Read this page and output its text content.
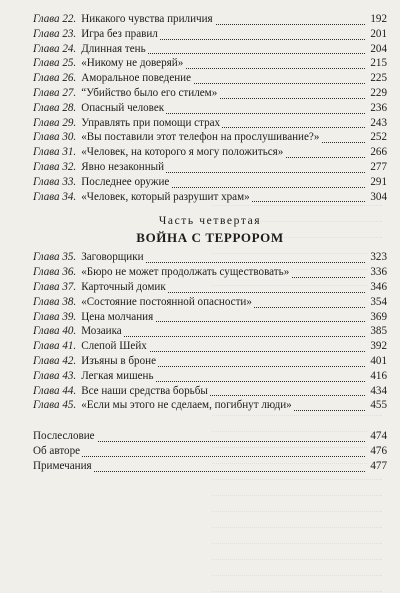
Глава 22. Никакого чувства приличия	192
Глава 23. Игра без правил	201
Глава 24. Длинная тень	204
Глава 25. «Никому не доверяй»	215
Глава 26. Аморальное поведение	225
Глава 27. “Убийство было его стилем»	229
Глава 28. Опасный человек	236
Глава 29. Управлять при помощи страх	243
Глава 30. «Вы поставили этот телефон на прослушивание?»	252
Глава 31. «Человек, на которого я могу положиться»	266
Глава 32. Явно незаконный	277
Глава 33. Последнее оружие	291
Глава 34. «Человек, который разрушит храм»	304
Часть четвертая
ВОЙНА С ТЕРРОРОМ
Глава 35. Заговорщики	323
Глава 36. «Бюро не может продолжать существовать»	336
Глава 37. Карточный домик	346
Глава 38. «Состояние постоянной опасности»	354
Глава 39. Цена молчания	369
Глава 40. Мозаика	385
Глава 41. Слепой Шейх	392
Глава 42. Изъяны в броне	401
Глава 43. Легкая мишень	416
Глава 44. Все наши средства борьбы	434
Глава 45. «Если мы этого не сделаем, погибнут люди»	455
Послесловие	474
Об авторе	476
Примечания	477
